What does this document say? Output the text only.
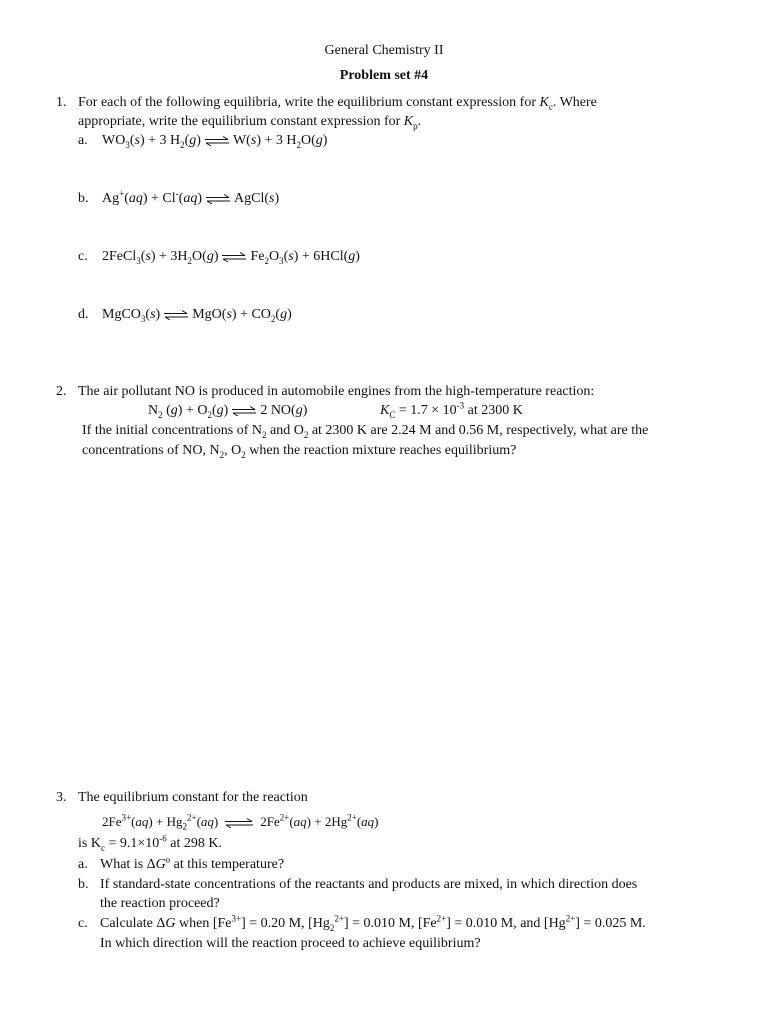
General Chemistry II
Problem set #4
1. For each of the following equilibria, write the equilibrium constant expression for $K_c$. Where
appropriate, write the equilibrium constant expression for $K_p$.
a. $WO_3(s) + 3$ $H_2(g)$ ⇌ W(s) + 3 $H_2O(g)$
b. Ag+(aq) + Cl-(aq) ⇌ AgCl(s)
c. 2FeCl$_3$(s) + $3H_2O(g)$ ⇌ $Fe_2O_3(s) + 6HCl(g)$
d. MgCO$_3$(s) ⇌ $MgO(s) + CO_2(g)$
2. The air pollutant NO is produced in automobile engines from the high-temperature reaction:
$N_2$ $(g) + O_2(g)$ ⇌ 2 NO(g)	$K_C = 1.7 \times 10^{-3}$ at 2300 K
If the initial concentrations of $N_2$ and $O_2$ at 2300 K are 2.24 M and 0.56 M, respectively, what are the
concentrations of NO, $N_2$, $O_2$ when the reaction mixture reaches equilibrium?
3. The equilibrium constant for the reaction
$2Fe^{3+}(aq) + Hg_2^{2+}(aq)$ ⇌ $2Fe^{2+}(aq) + 2Hg^{2+}(aq)$
is $K_c = 9.1\times 10^{-6}$ at 298 K.
a. What is ΔGº at this temperature?
b. If standard-state concentrations of the reactants and products are mixed, in which direction does
the reaction proceed?
c. Calculate ΔG when $[Fe^{3+}] = 0.20$ M, $[Hg_2^{2+}] = 0.010$ M, $[Fe^{2+}] = 0.010$ M, and $[Hg^{2+}] = 0.025$ M.
In which direction will the reaction proceed to achieve equilibrium?
